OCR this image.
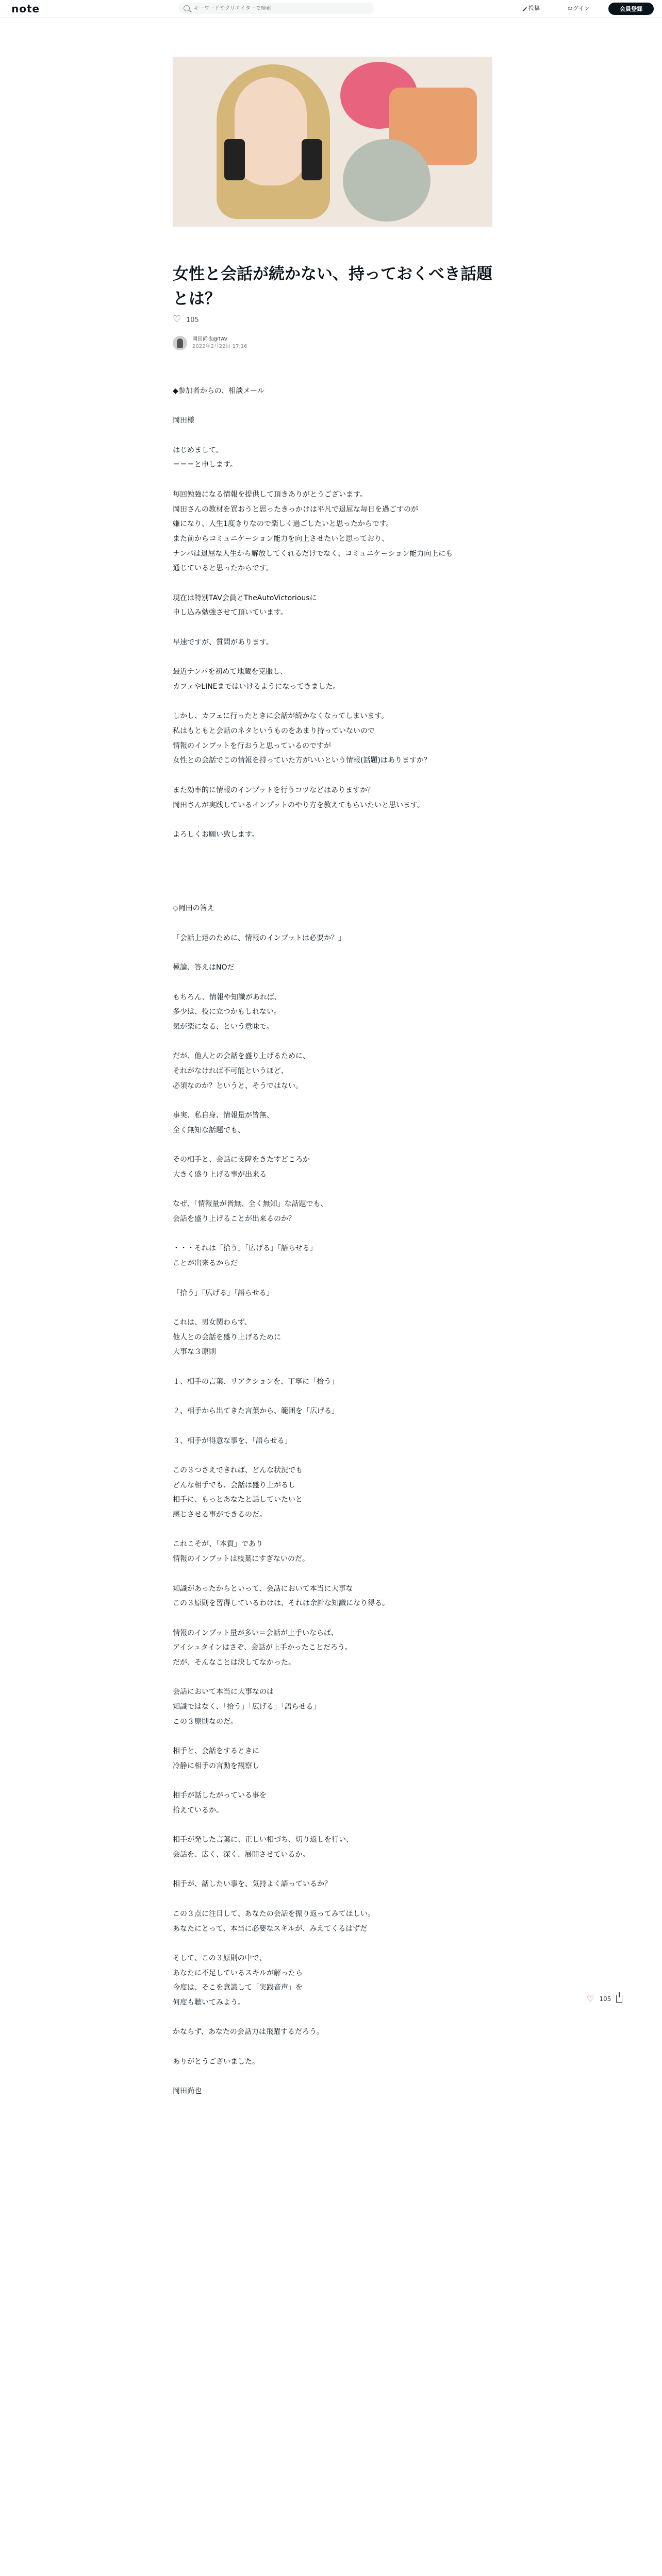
note
キーワードやクリエイターで検索	投稿	ログイン	会員登録
女性と会話が続かない、持っておくべき話題とは？
♡
105
岡田尚也@TAV
2022年2月22日 17:16

◆参加者からの、相談メール

岡田様

はじめまして。

＝＝＝と申します。

毎回勉強になる情報を提供して頂きありがとうございます。

岡田さんの教材を買おうと思ったきっかけは平凡で退屈な毎日を過ごすのが

嫌になり、人生1度きりなので楽しく過ごしたいと思ったからです。

また前からコミュニケーション能力を向上させたいと思っており、

ナンパは退屈な人生から解放してくれるだけでなく、コミュニケーション能力向上にも

通じていると思ったからです。

現在は特別TAV会員とTheAutoVictoriousに

申し込み勉強させて頂いています。

早速ですが、質問があります。

最近ナンパを初めて地蔵を克服し、

カフェやLINEまではいけるようになってきました。

しかし、カフェに行ったときに会話が続かなくなってしまいます。

私はもともと会話のネタというものをあまり持っていないので

情報のインプットを行おうと思っているのですが

女性との会話でこの情報を持っていた方がいいという情報(話題)はありますか？

また効率的に情報のインプットを行うコツなどはありますか？

岡田さんが実践しているインプットのやり方を教えてもらいたいと思います。

よろしくお願い致します。

◇岡田の答え

「会話上達のために、情報のインプットは必要か？」

極論、答えはNOだ

もちろん、情報や知識があれば、

多少は、役に立つかもしれない。

気が楽になる、という意味で。

だが、他人との会話を盛り上げるために、

それがなければ不可能というほど、

必須なのか？というと、そうではない。

事実、私自身、情報量が皆無、

全く無知な話題でも、

その相手と、会話に支障をきたすどころか

大きく盛り上げる事が出来る

なぜ、「情報量が皆無、全く無知」な話題でも、

会話を盛り上げることが出来るのか？

・・・それは「拾う」「広げる」「語らせる」

ことが出来るからだ

「拾う」「広げる」「語らせる」

これは、男女関わらず、

他人との会話を盛り上げるために

大事な３原則

１、相手の言葉、リアクションを、丁寧に「拾う」

２、相手から出てきた言葉から、範囲を「広げる」

３、相手が得意な事を、「語らせる」

この３つさえできれば、どんな状況でも

どんな相手でも、会話は盛り上がるし

相手に、もっとあなたと話していたいと

感じさせる事ができるのだ。

これこそが、「本質」であり

情報のインプットは枝葉にすぎないのだ。

知識があったからといって、会話において本当に大事な

この３原則を習得しているわけは、それは余計な知識になり得る。

情報のインプット量が多い＝会話が上手いならば、

アイシュタインはさぞ、会話が上手かったことだろう。

だが、そんなことは決してなかった。

会話において本当に大事なのは

知識ではなく、「拾う」「広げる」「語らせる」

この３原則なのだ。

相手と、会話をするときに

冷静に相手の言動を観察し

相手が話したがっている事を

拾えているか。

相手が発した言葉に、正しい相づち、切り返しを行い、

会話を、広く、深く、展開させているか。

相手が、話したい事を、気持よく語っているか？

この３点に注目して、あなたの会話を振り返ってみてほしい。

あなたにとって、本当に必要なスキルが、みえてくるはずだ

そして、この３原則の中で、

あなたに不足しているスキルが解ったら

今度は、そこを意識して「実践音声」を

何度も聴いてみよう。

かならず、あなたの会話力は飛躍するだろう。

ありがとうございました。

岡田尚也

♡ 105
